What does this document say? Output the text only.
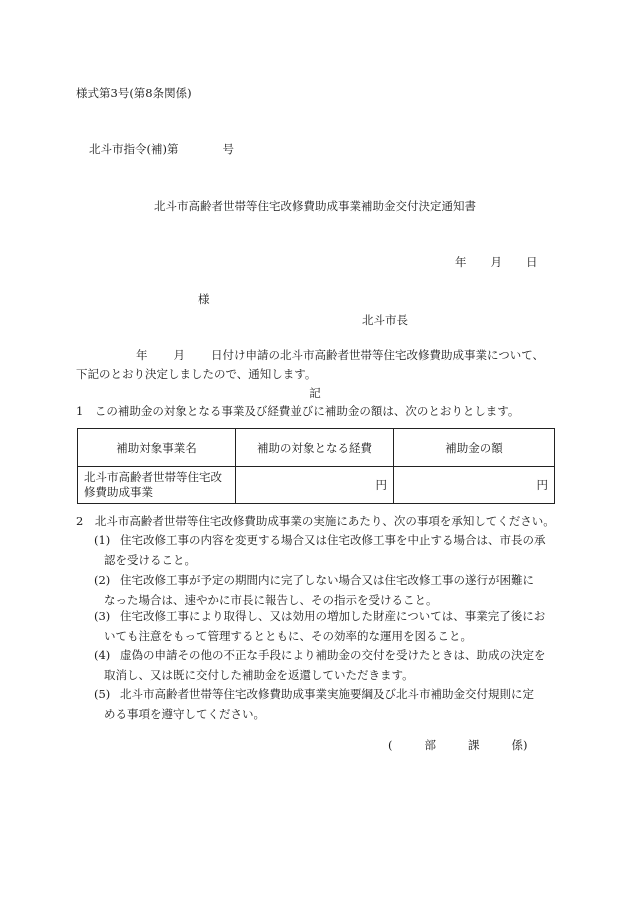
様式第3号(第8条関係)
北斗市指令(補)第	号
北斗市高齢者世帯等住宅改修費助成事業補助金交付決定通知書
年 月 日
様
北斗市長
年 月 日付け申請の北斗市高齢者世帯等住宅改修費助成事業について、
下記のとおり決定しましたので、通知します。
記
1　この補助金の対象となる事業及び経費並びに補助金の額は、次のとおりとします。
補助対象事業名	補助の対象となる経費	補助金の額
北斗市高齢者世帯等住宅改修費助成事業	円	円
2　北斗市高齢者世帯等住宅改修費助成事業の実施にあたり、次の事項を承知してください。
(1) 住宅改修工事の内容を変更する場合又は住宅改修工事を中止する場合は、市長の承
認を受けること。
(2) 住宅改修工事が予定の期間内に完了しない場合又は住宅改修工事の遂行が困難に
なった場合は、速やかに市長に報告し、その指示を受けること。
(3) 住宅改修工事により取得し、又は効用の増加した財産については、事業完了後にお
いても注意をもって管理するとともに、その効率的な運用を図ること。
(4) 虚偽の申請その他の不正な手段により補助金の交付を受けたときは、助成の決定を
取消し、又は既に交付した補助金を返還していただきます。
(5) 北斗市高齢者世帯等住宅改修費助成事業実施要綱及び北斗市補助金交付規則に定
める事項を遵守してください。
(	部	課	係)
